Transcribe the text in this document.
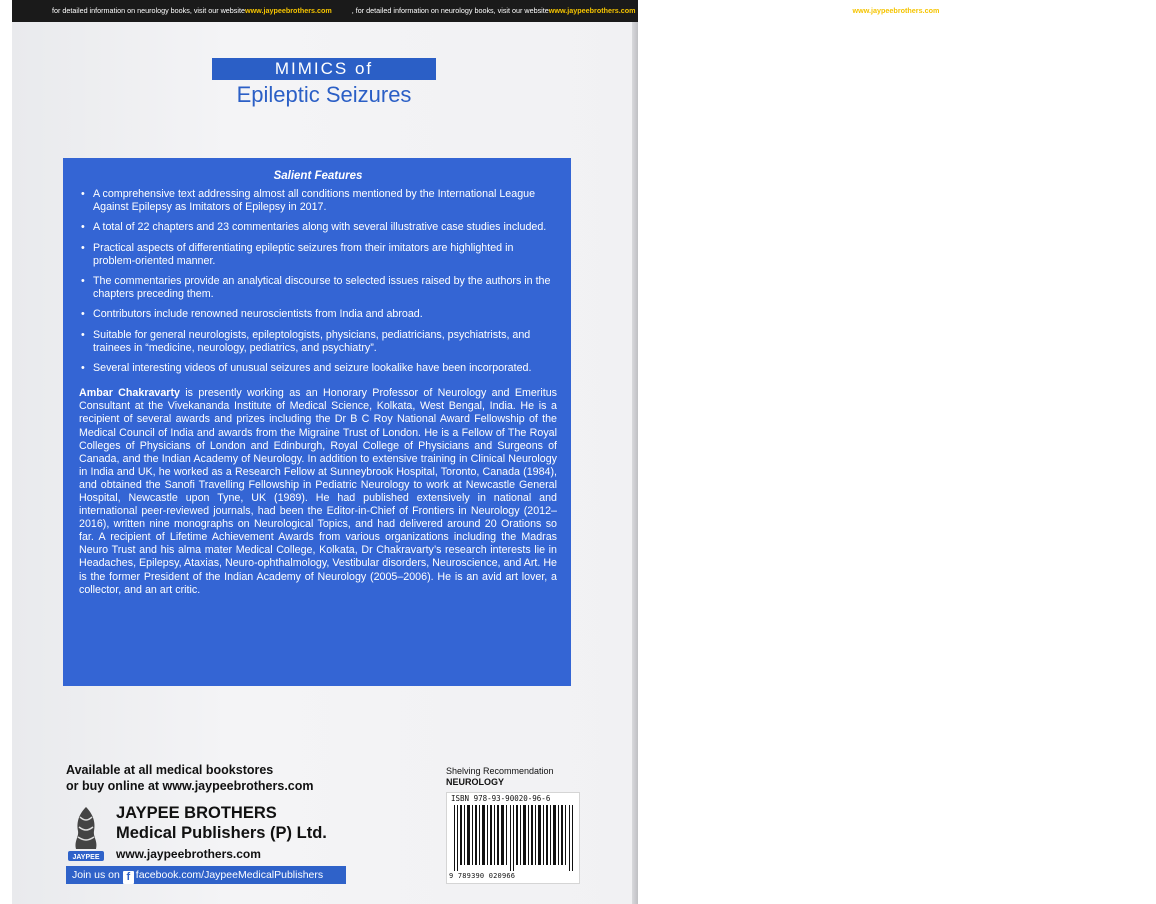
for detailed information on neurology books, visit our websitewww.jaypeebrothers.com	, for detailed information on neurology books, visit our websitewww.jaypeebrothers.com	, for detailed information on neurology books, visit our websitewww.jaypeebrothers.com	, for detailed information on neurology books, visit our website
MIMICS of
Epileptic Seizures
Salient Features
• A comprehensive text addressing almost all conditions mentioned by the International League Against Epilepsy as Imitators of Epilepsy in 2017.
• A total of 22 chapters and 23 commentaries along with several illustrative case studies included.
• Practical aspects of differentiating epileptic seizures from their imitators are highlighted in problem-oriented manner.
• The commentaries provide an analytical discourse to selected issues raised by the authors in the chapters preceding them.
• Contributors include renowned neuroscientists from India and abroad.
• Suitable for general neurologists, epileptologists, physicians, pediatricians, psychiatrists, and trainees in “medicine, neurology, pediatrics, and psychiatry”.
• Several interesting videos of unusual seizures and seizure lookalike have been incorporated.
Ambar Chakravarty is presently working as an Honorary Professor of Neurology and Emeritus Consultant at the Vivekananda Institute of Medical Science, Kolkata, West Bengal, India. He is a recipient of several awards and prizes including the Dr B C Roy National Award Fellowship of the Medical Council of India and awards from the Migraine Trust of London. He is a Fellow of The Royal Colleges of Physicians of London and Edinburgh, Royal College of Physicians and Surgeons of Canada, and the Indian Academy of Neurology. In addition to extensive training in Clinical Neurology in India and UK, he worked as a Research Fellow at Sunneybrook Hospital, Toronto, Canada (1984), and obtained the Sanofi Travelling Fellowship in Pediatric Neurology to work at Newcastle General Hospital, Newcastle upon Tyne, UK (1989). He had published extensively in national and international peer-reviewed journals, had been the Editor-in-Chief of Frontiers in Neurology (2012–2016), written nine monographs on Neurological Topics, and had delivered around 20 Orations so far. A recipient of Lifetime Achievement Awards from various organizations including the Madras Neuro Trust and his alma mater Medical College, Kolkata, Dr Chakravarty’s research interests lie in Headaches, Epilepsy, Ataxias, Neuro-ophthalmology, Vestibular disorders, Neuroscience, and Art. He is the former President of the Indian Academy of Neurology (2005–2006). He is an avid art lover, a collector, and an art critic.
Available at all medical bookstores
or buy online at www.jaypeebrothers.com
JAYPEE
JAYPEE BROTHERS
Medical Publishers (P) Ltd.
www.jaypeebrothers.com
Join us on f facebook.com/JaypeeMedicalPublishers
Shelving Recommendation
NEUROLOGY
ISBN 978-93-90020-96-6
9 789390 020966
